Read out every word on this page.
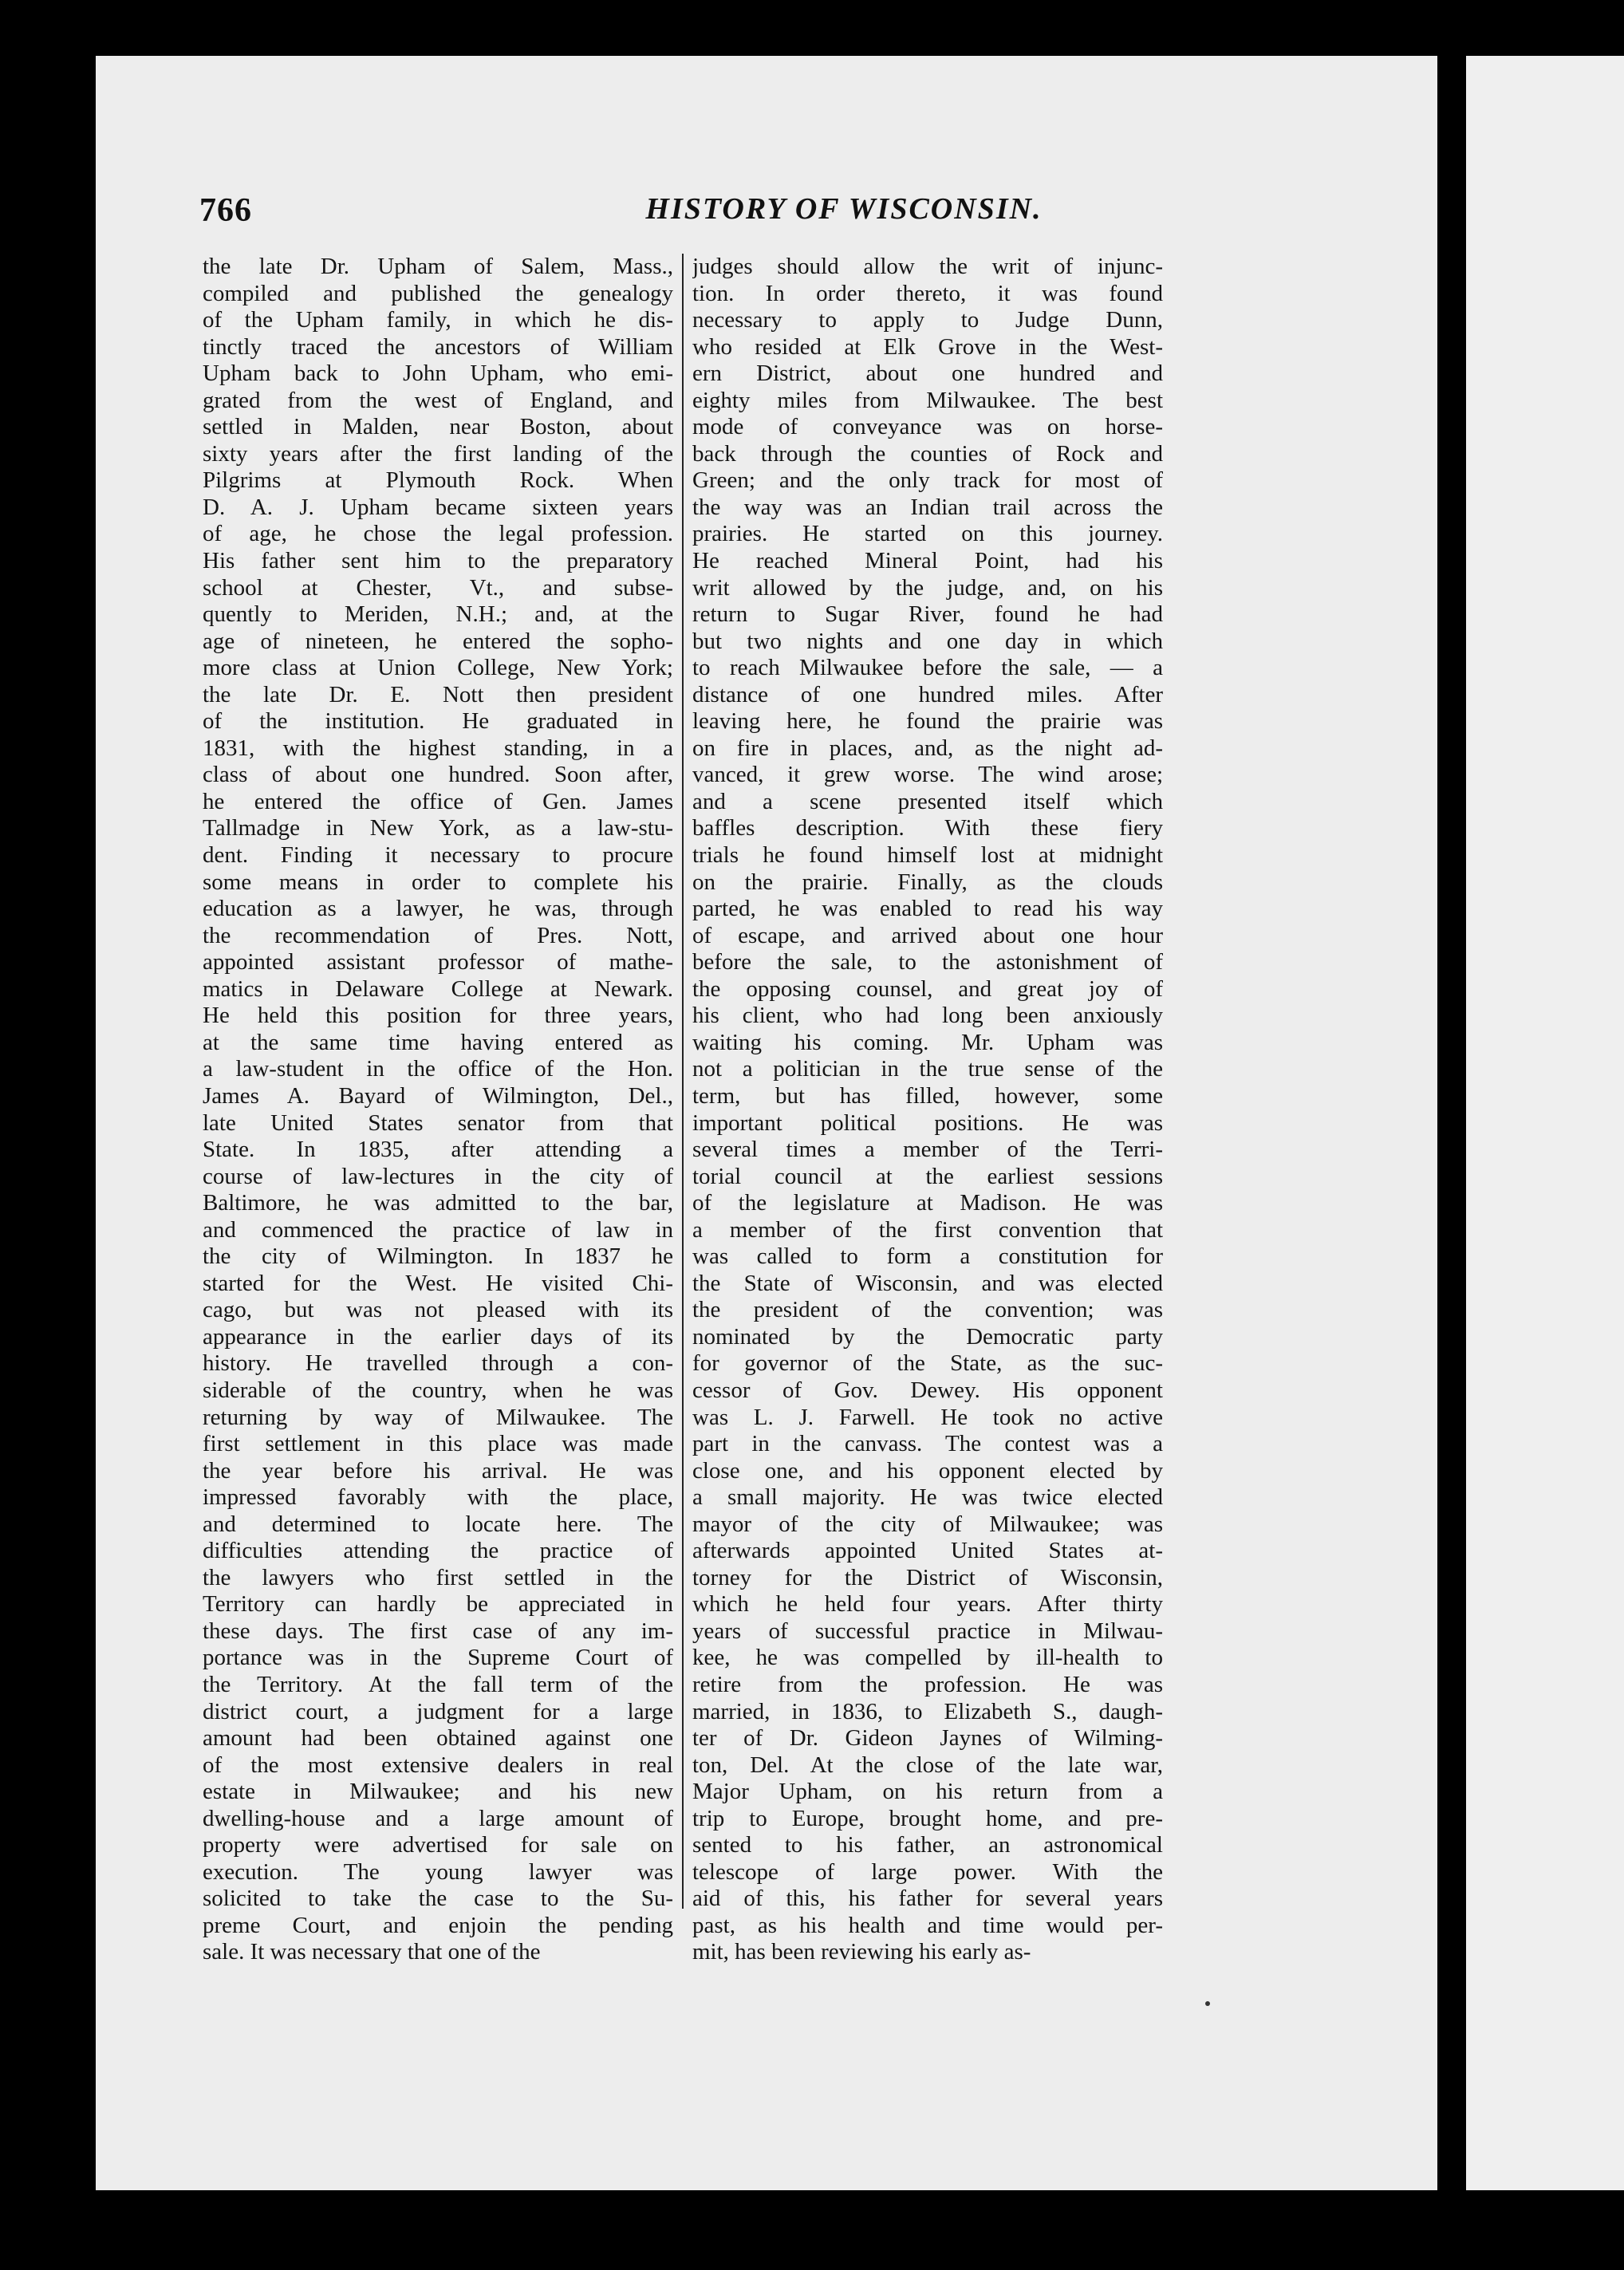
766	HISTORY OF WISCONSIN.
the late Dr. Upham of Salem, Mass.,
compiled and published the genealogy
of the Upham family, in which he dis-
tinctly traced the ancestors of William
Upham back to John Upham, who emi-
grated from the west of England, and
settled in Malden, near Boston, about
sixty years after the first landing of the
Pilgrims at Plymouth Rock. When
D. A. J. Upham became sixteen years
of age, he chose the legal profession.
His father sent him to the preparatory
school at Chester, Vt., and subse-
quently to Meriden, N.H.; and, at the
age of nineteen, he entered the sopho-
more class at Union College, New York;
the late Dr. E. Nott then president
of the institution. He graduated in
1831, with the highest standing, in a
class of about one hundred. Soon after,
he entered the office of Gen. James
Tallmadge in New York, as a law-stu-
dent. Finding it necessary to procure
some means in order to complete his
education as a lawyer, he was, through
the recommendation of Pres. Nott,
appointed assistant professor of mathe-
matics in Delaware College at Newark.
He held this position for three years,
at the same time having entered as
a law-student in the office of the Hon.
James A. Bayard of Wilmington, Del.,
late United States senator from that
State. In 1835, after attending a
course of law-lectures in the city of
Baltimore, he was admitted to the bar,
and commenced the practice of law in
the city of Wilmington. In 1837 he
started for the West. He visited Chi-
cago, but was not pleased with its
appearance in the earlier days of its
history. He travelled through a con-
siderable of the country, when he was
returning by way of Milwaukee. The
first settlement in this place was made
the year before his arrival. He was
impressed favorably with the place,
and determined to locate here. The
difficulties attending the practice of
the lawyers who first settled in the
Territory can hardly be appreciated in
these days. The first case of any im-
portance was in the Supreme Court of
the Territory. At the fall term of the
district court, a judgment for a large
amount had been obtained against one
of the most extensive dealers in real
estate in Milwaukee; and his new
dwelling-house and a large amount of
property were advertised for sale on
execution. The young lawyer was
solicited to take the case to the Su-
preme Court, and enjoin the pending
sale. It was necessary that one of the
judges should allow the writ of injunc-
tion. In order thereto, it was found
necessary to apply to Judge Dunn,
who resided at Elk Grove in the West-
ern District, about one hundred and
eighty miles from Milwaukee. The best
mode of conveyance was on horse-
back through the counties of Rock and
Green; and the only track for most of
the way was an Indian trail across the
prairies. He started on this journey.
He reached Mineral Point, had his
writ allowed by the judge, and, on his
return to Sugar River, found he had
but two nights and one day in which
to reach Milwaukee before the sale, — a
distance of one hundred miles. After
leaving here, he found the prairie was
on fire in places, and, as the night ad-
vanced, it grew worse. The wind arose;
and a scene presented itself which
baffles description. With these fiery
trials he found himself lost at midnight
on the prairie. Finally, as the clouds
parted, he was enabled to read his way
of escape, and arrived about one hour
before the sale, to the astonishment of
the opposing counsel, and great joy of
his client, who had long been anxiously
waiting his coming. Mr. Upham was
not a politician in the true sense of the
term, but has filled, however, some
important political positions. He was
several times a member of the Terri-
torial council at the earliest sessions
of the legislature at Madison. He was
a member of the first convention that
was called to form a constitution for
the State of Wisconsin, and was elected
the president of the convention; was
nominated by the Democratic party
for governor of the State, as the suc-
cessor of Gov. Dewey. His opponent
was L. J. Farwell. He took no active
part in the canvass. The contest was a
close one, and his opponent elected by
a small majority. He was twice elected
mayor of the city of Milwaukee; was
afterwards appointed United States at-
torney for the District of Wisconsin,
which he held four years. After thirty
years of successful practice in Milwau-
kee, he was compelled by ill-health to
retire from the profession. He was
married, in 1836, to Elizabeth S., daugh-
ter of Dr. Gideon Jaynes of Wilming-
ton, Del. At the close of the late war,
Major Upham, on his return from a
trip to Europe, brought home, and pre-
sented to his father, an astronomical
telescope of large power. With the
aid of this, his father for several years
past, as his health and time would per-
mit, has been reviewing his early as-
